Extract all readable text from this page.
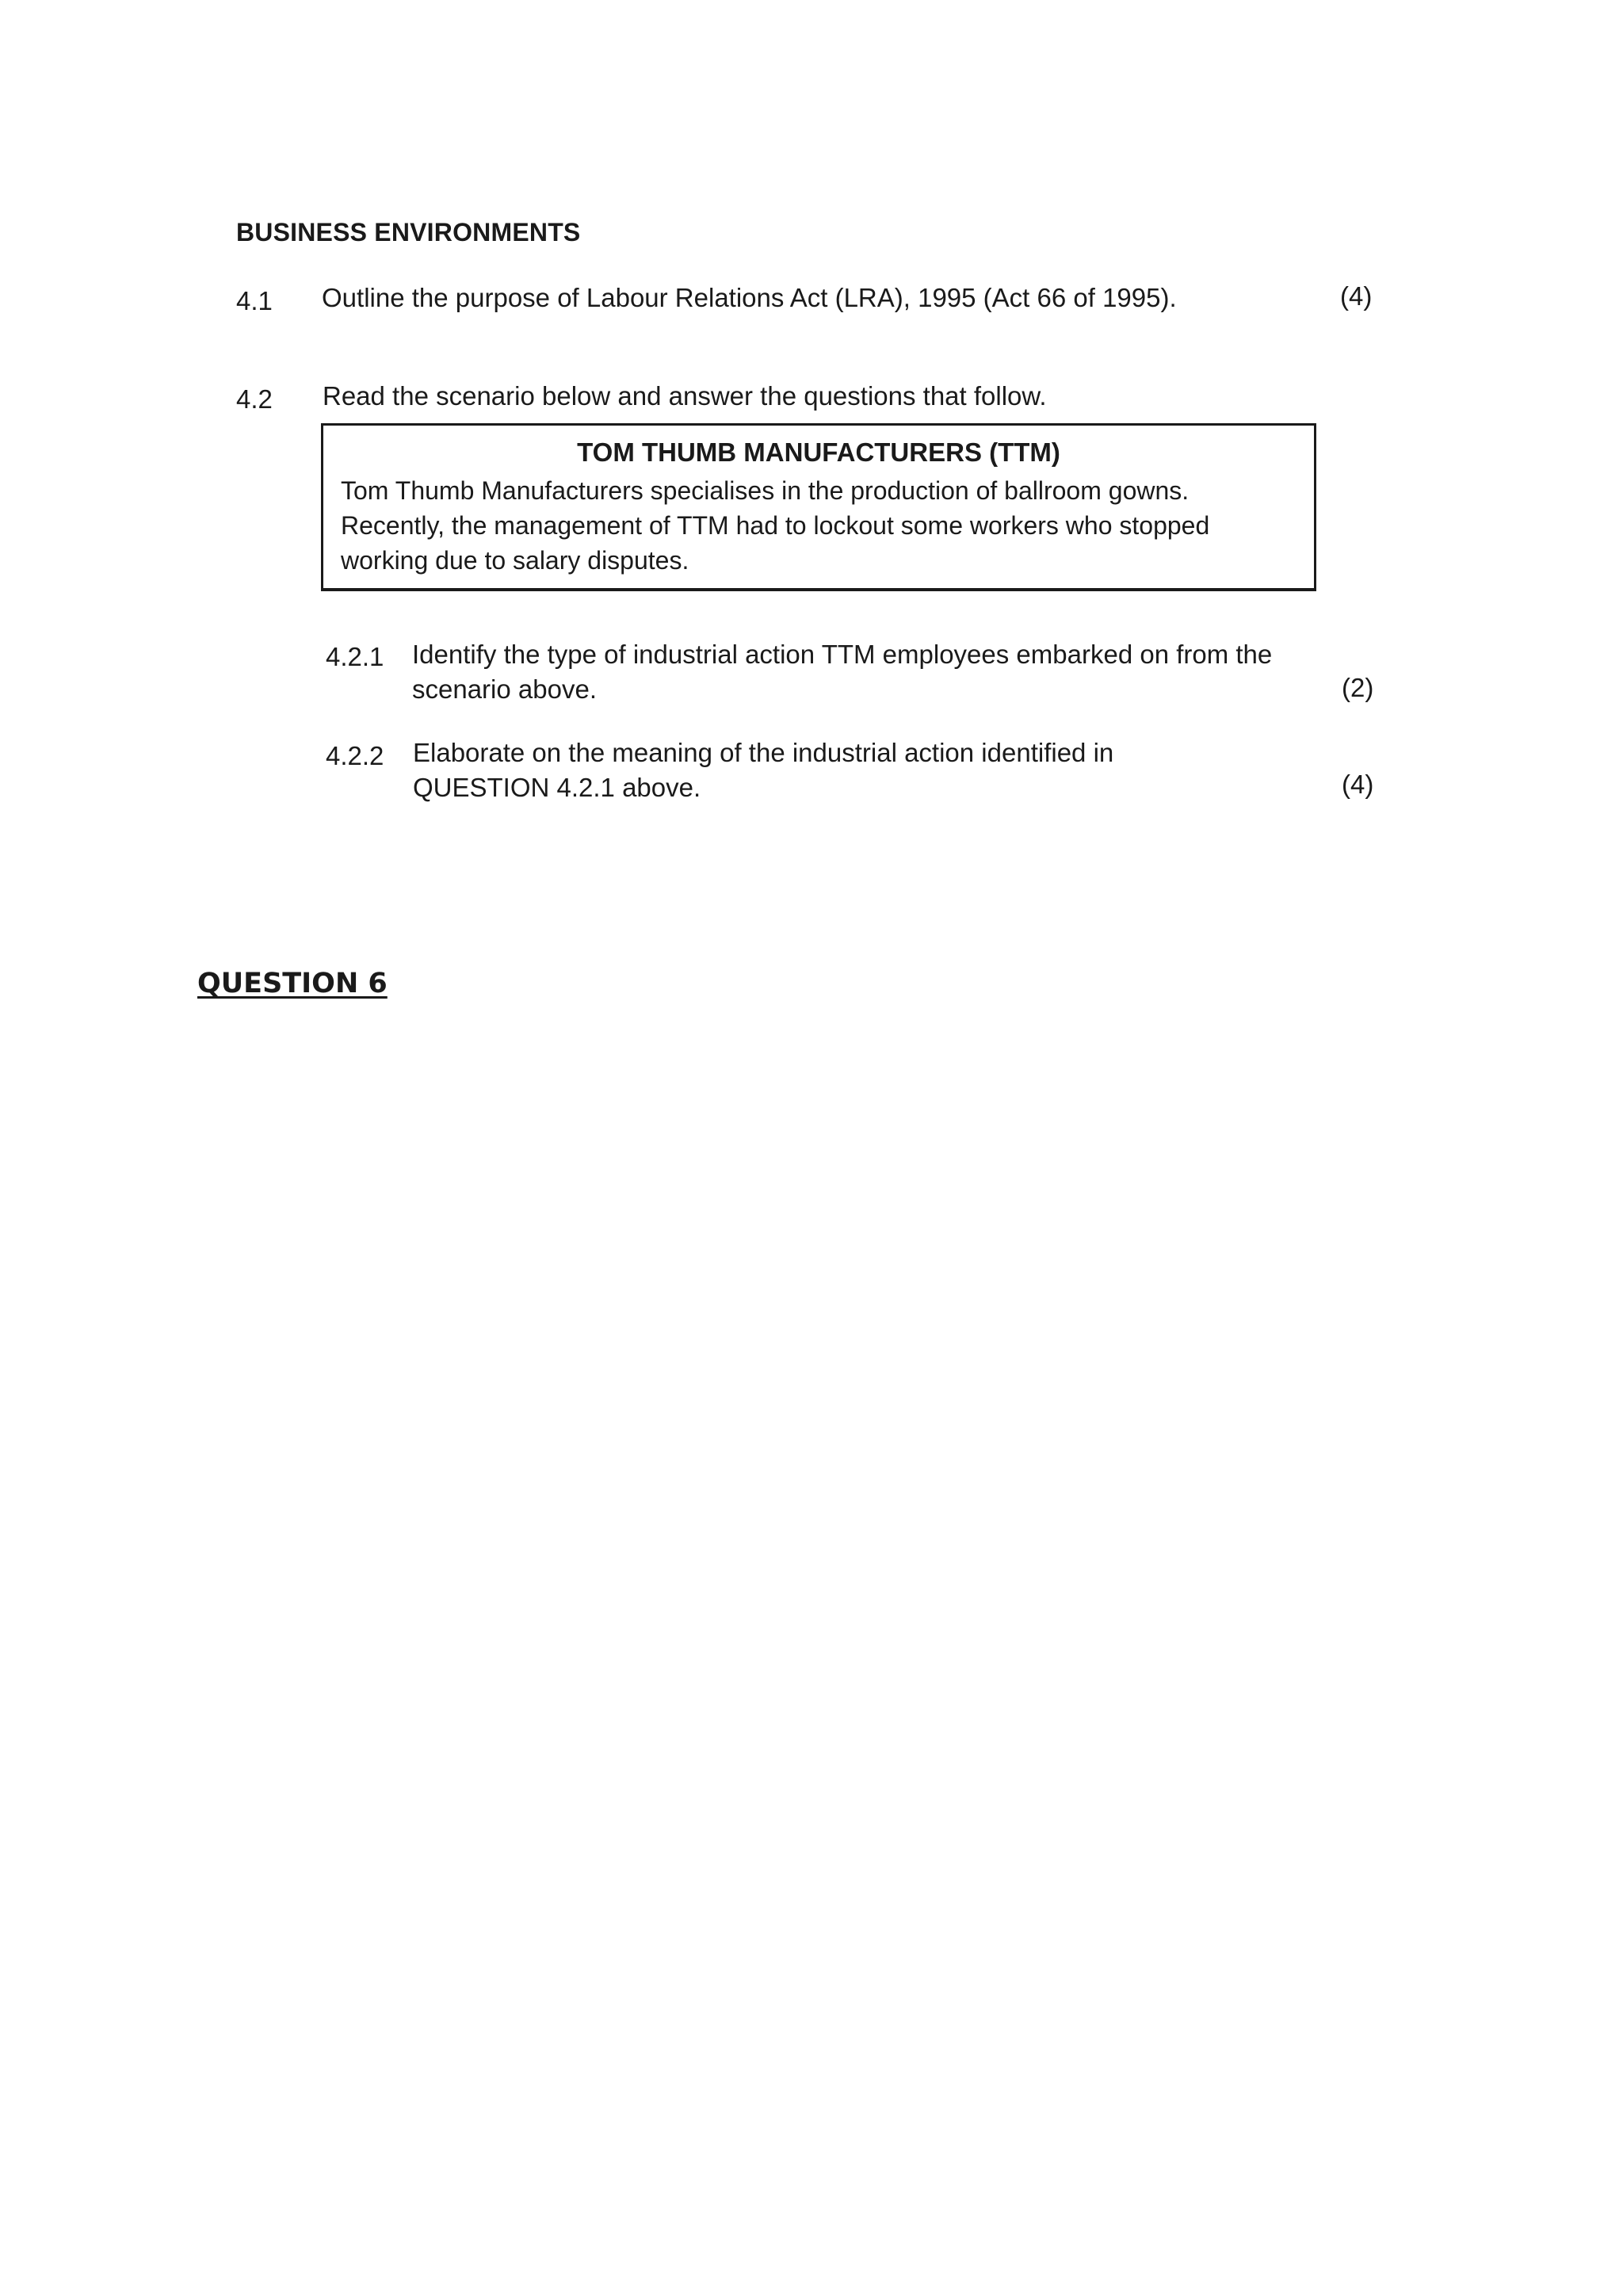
BUSINESS ENVIRONMENTS
4.1 Outline the purpose of Labour Relations Act (LRA), 1995 (Act 66 of 1995).	(4)
4.2 Read the scenario below and answer the questions that follow.
TOM THUMB MANUFACTURERS (TTM)
Tom Thumb Manufacturers specialises in the production of ballroom gowns.
Recently, the management of TTM had to lockout some workers who stopped
working due to salary disputes.
4.2.1 Identify the type of industrial action TTM employees embarked on from the
scenario above.	(2)
4.2.2 Elaborate on the meaning of the industrial action identified in
QUESTION 4.2.1 above.	(4)
QUESTION 6
